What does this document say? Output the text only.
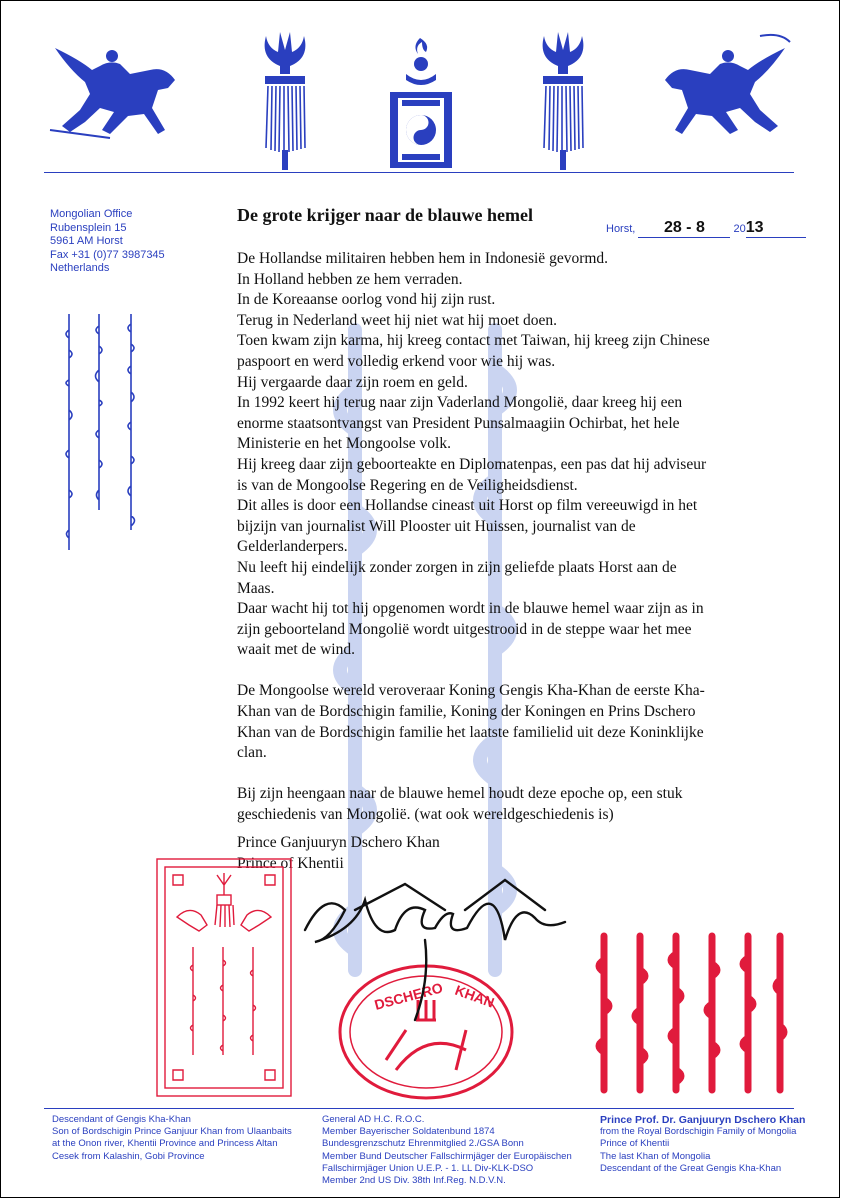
Mongolian Office
Rubensplein 15
5961 AM Horst
Fax +31 (0)77 3987345
Netherlands
De grote krijger naar de blauwe hemel
Horst, 28 - 8	2013

De Hollandse militairen hebben hem in Indonesië gevormd.

In Holland hebben ze hem verraden.

In de Koreaanse oorlog vond hij zijn rust.

Terug in Nederland weet hij niet wat hij moet doen.

Toen kwam zijn karma, hij kreeg contact met Taiwan, hij kreeg zijn Chinese

paspoort en werd volledig erkend voor wie hij was.

Hij vergaarde daar zijn roem en geld.

In 1992 keert hij terug naar zijn Vaderland Mongolië, daar kreeg hij een

enorme staatsontvangst van President Punsalmaagiin Ochirbat, het hele

Ministerie en het Mongoolse volk.

Hij kreeg daar zijn geboorteakte en Diplomatenpas, een pas dat hij adviseur

is van de Mongoolse Regering en de Veiligheidsdienst.

Dit alles is door een Hollandse cineast uit Horst op film vereeuwigd in het

bijzijn van journalist Will Plooster uit Huissen, journalist van de

Gelderlanderpers.

Nu leeft hij eindelijk zonder zorgen in zijn geliefde plaats Horst aan de

Maas.

Daar wacht hij tot hij opgenomen wordt in de blauwe hemel waar zijn as in

zijn geboorteland Mongolië wordt uitgestrooid in de steppe waar het mee

waait met de wind.

De Mongoolse wereld veroveraar Koning Gengis Kha-Khan de eerste Kha-

Khan van de Bordschigin familie, Koning der Koningen en Prins Dschero

Khan van de Bordschigin familie het laatste familielid uit deze Koninklijke

clan.

Bij zijn heengaan naar de blauwe hemel houdt deze epoche op, een stuk

geschiedenis van Mongolië. (wat ook wereldgeschiedenis is)

Prince Ganjuuryn Dschero Khan
Prince of Khentii
DSCHERO KHAN
Descendant of Gengis Kha-Khan
Son of Bordschigin Prince Ganjuur Khan from Ulaanbaits
at the Onon river, Khentii Province and Princess Altan
Cesek from Kalashin, Gobi Province
General AD H.C. R.O.C.
Member Bayerischer Soldatenbund 1874
Bundesgrenzschutz Ehrenmitglied 2./GSA Bonn
Member Bund Deutscher Fallschirmjäger der Europäischen
Fallschirmjäger Union U.E.P. - 1. LL Div-KLK-DSO
Member 2nd US Div. 38th Inf.Reg. N.D.V.N.
Prince Prof. Dr. Ganjuuryn Dschero Khan
from the Royal Bordschigin Family of Mongolia
Prince of Khentii
The last Khan of Mongolia
Descendant of the Great Gengis Kha-Khan
